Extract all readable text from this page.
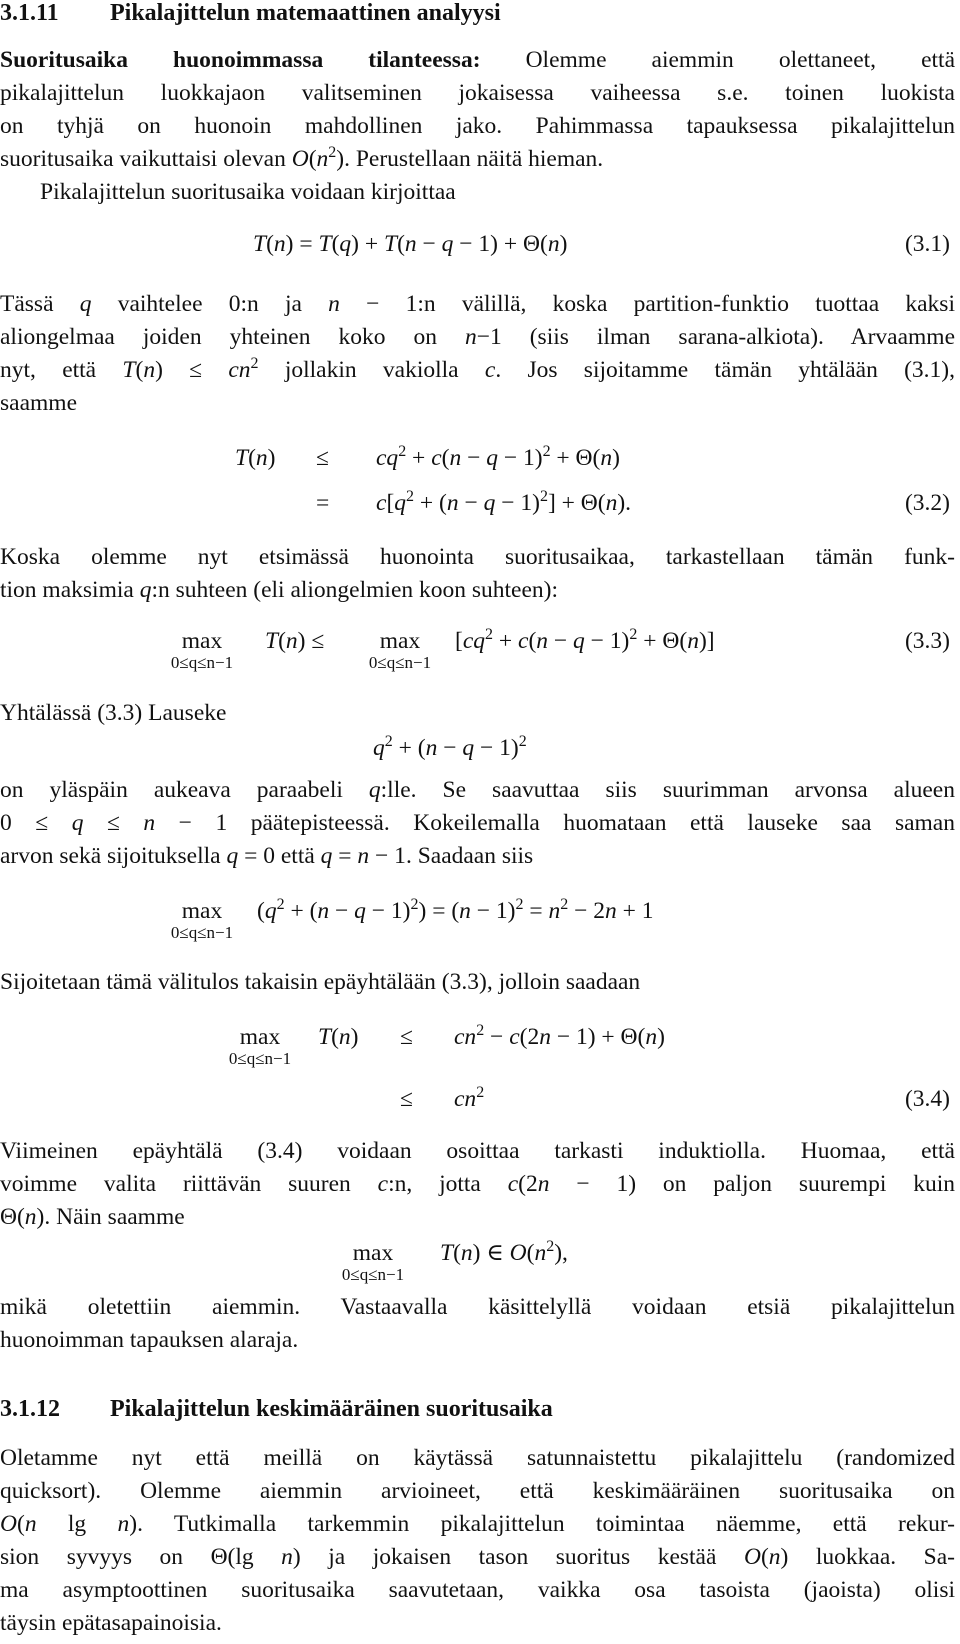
3.1.11 Pikalajittelun matemaattinen analyysi
Suoritusaika huonoimmassa tilanteessa: Olemme aiemmin olettaneet, että
pikalajittelun luokkajaon valitseminen jokaisessa vaiheessa s.e. toinen luokista
on tyhjä on huonoin mahdollinen jako. Pahimmassa tapauksessa pikalajittelun
suoritusaika vaikuttaisi olevan $O(n^2)$. Perustellaan näitä hieman.
Pikalajittelun suoritusaika voidaan kirjoittaa
T(n) = T(q) + T(n − q − 1) + Θ(n)	(3.1)
Tässä q vaihtelee 0:n ja n − 1:n välillä, koska partition-funktio tuottaa kaksi
aliongelmaa joiden yhteinen koko on n−1 (siis ilman sarana-alkiota). Arvaamme
nyt, että $T(n) \le cn^2$ jollakin vakiolla c. Jos sijoitamme tämän yhtälään (3.1),
saamme
$T(n) \le cq^2 + c(n - q - 1)^2 + \Theta(n)$
= $c[q^2 + (n - q - 1)^2] + \Theta(n)$.	(3.2)
Koska olemme nyt etsimässä huonointa suoritusaikaa, tarkastellaan tämän funk-
tion maksimia q:n suhteen (eli aliongelmien koon suhteen):
max
0≤q≤n−1
T(n) ≤	max
0≤q≤n−1
$[cq^2 + c(n - q - 1)^2 + \Theta(n)]$	(3.3)
Yhtälässä (3.3) Lauseke
$q^2 + (n - q - 1)^2$
on yläspäin aukeava paraabeli q:lle. Se saavuttaa siis suurimman arvonsa alueen
0 ≤ q ≤ n − 1 päätepisteessä. Kokeilemalla huomataan että lauseke saa saman
arvon sekä sijoituksella q = 0 että q = n − 1. Saadaan siis
max
0≤q≤n−1
$(q^2 + (n - q - 1)^2) = (n - 1)^2 = n^2 - 2n + 1$
Sijoitetaan tämä välitulos takaisin epäyhtälään (3.3), jolloin saadaan
max
0≤q≤n−1
$T(n) \le cn^2 - c(2n - 1) + \Theta(n)$
≤ $cn^2$	(3.4)
Viimeinen epäyhtälä (3.4) voidaan osoittaa tarkasti induktiolla. Huomaa, että
voimme valita riittävän suuren c:n, jotta c(2n − 1) on paljon suurempi kuin
Θ(n). Näin saamme
max
0≤q≤n−1
T(n) ∈ $O(n^2)$,
mikä oletettiin aiemmin. Vastaavalla käsittelyllä voidaan etsiä pikalajittelun
huonoimman tapauksen alaraja.
3.1.12 Pikalajittelun keskimääräinen suoritusaika
Oletamme nyt että meillä on käytässä satunnaistettu pikalajittelu (randomized
quicksort). Olemme aiemmin arvioineet, että keskimääräinen suoritusaika on
O(n lg n). Tutkimalla tarkemmin pikalajittelun toimintaa näemme, että rekur-
sion syvyys on Θ(lg n) ja jokaisen tason suoritus kestää O(n) luokkaa. Sa-
ma asymptoottinen suoritusaika saavutetaan, vaikka osa tasoista (jaoista) olisi
täysin epätasapainoisia.
